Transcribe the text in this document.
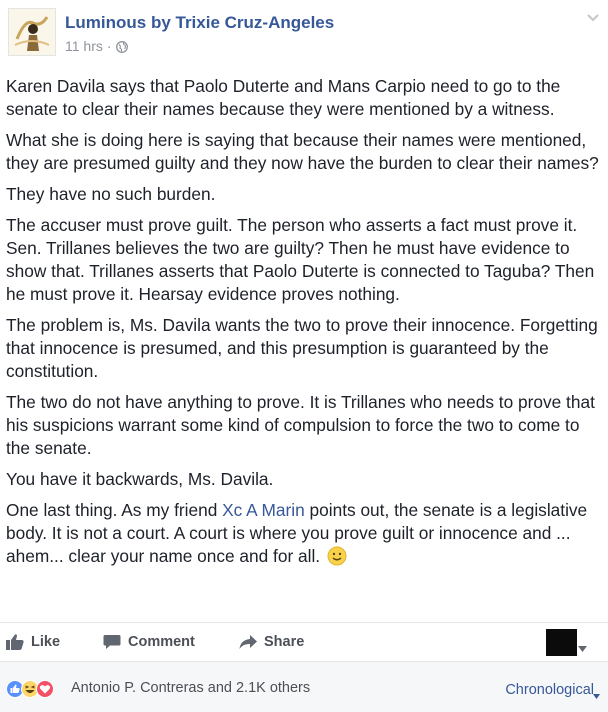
Luminous by Trixie Cruz-Angeles
11 hrs ·

Karen Davila says that Paolo Duterte and Mans Carpio need to go to the senate to clear their names because they were mentioned by a witness.

What she is doing here is saying that because their names were mentioned, they are presumed guilty and they now have the burden to clear their names?

They have no such burden.

The accuser must prove guilt. The person who asserts a fact must prove it. Sen. Trillanes believes the two are guilty? Then he must have evidence to show that. Trillanes asserts that Paolo Duterte is connected to Taguba? Then he must prove it. Hearsay evidence proves nothing.

The problem is, Ms. Davila wants the two to prove their innocence. Forgetting that innocence is presumed, and this presumption is guaranteed by the constitution.

The two do not have anything to prove. It is Trillanes who needs to prove that his suspicions warrant some kind of compulsion to force the two to come to the senate.

You have it backwards, Ms. Davila.

One last thing. As my friend Xc A Marin points out, the senate is a legislative body. It is not a court. A court is where you prove guilt or innocence and ... ahem... clear your name once and for all.

Like	Comment	Share
Antonio P. Contreras and 2.1K others	Chronological
